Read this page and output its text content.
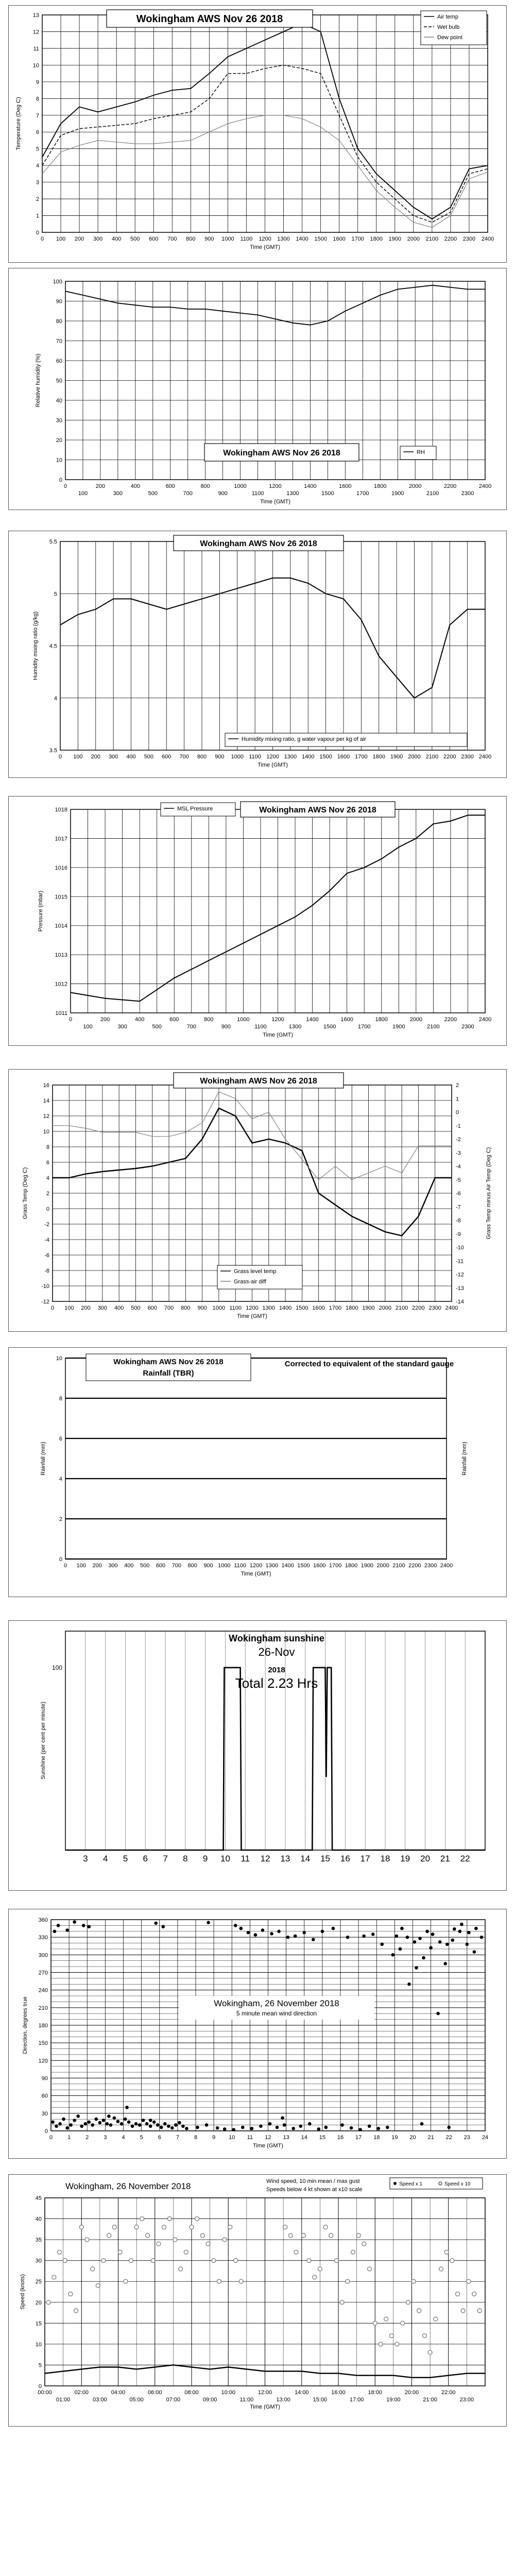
0
1
2
3
4
5
6
7
8
9
10
11
12
13
0 100 200 300 400 500 600 700 800 900 1000 1100 1200 1300 1400 1500 1600 1700 1800 1900 2000 2100 2200 2300 2400
Wokingham AWS Nov 26 2018	Air temp
Wet bulb
Dew point
Temperature (Deg C)
Time (GMT)
0
10
20
30
40
50
60
70
80
90
100
0
100
200
300
400
500
600
700
800
900
1000
1100
1200
1300
1400
1500
1600
1700
1800
1900
2000
2100
2200
2300
2400
Wokingham AWS Nov 26 2018	RH
Relative humidity (%)
Time (GMT)
3.5
4
4.5
5
5.5
0 100 200 300 400 500 600 700 800 900 1000 1100 1200 1300 1400 1500 1600 1700 1800 1900 2000 2100 2200 2300 2400
Wokingham AWS Nov 26 2018
Humidity mixing ratio, g water vapour per kg of air
Humidity mixing ratio (g/kg)
Time (GMT)
1011
1012
1013
1014
1015
1016
1017
1018
0
100
200
300
400
500
600
700
800
900
1000
1100
1200
1300
1400
1500
1600
1700
1800
1900
2000
2100
2200
2300
2400
MSL Pressure	Wokingham AWS Nov 26 2018
Pressure (mbar)
Time (GMT)
-12
-10
-8
-6
-4
-2
0
2
4
6
8
10
12
14
16
-14
-13
-12
-11
-10
-9
-8
-7
-6
-5
-4
-3
-2
-1
0
1
2
0 100 200 300 400 500 600 700 800 900 1000 1100 1200 1300 1400 1500 1600 1700 1800 1900 2000 2100 2200 2300 2400
Wokingham AWS Nov 26 2018
Grass level temp
Grass-air diff
Grass Temp (Deg C)	Grass Temp minus Air Temp (Deg C)
Time (GMT)
0
2
4
6
8
10
0 100 200 300 400 500 600 700 800 900 1000 1100 1200 1300 1400 1500 1600 1700 1800 1900 2000 2100 2200 2300 2400
Wokingham AWS Nov 26 2018
Rainfall (TBR)
Corrected to equivalent of the standard gauge
Rainfall (mm)	Rainfall (mm)
Time (GMT)
3 4 5 6 7 8 9 10 11 12 13 14 15 16 17 18 19 20 21 22
100
Wokingham sunshine
26-Nov
2018
Total 2.23 Hrs
Sunshine (per cent per minute)
0
30
60
90
120
150
180
210
240
270
300
330
360
0	1	2	3	4	5	6	7	8	9 10 11 12 13 14 15 16 17 18 19 20 21 22 23 24
Wokingham, 26 November 2018
5 minute mean wind direction
Direction, degrees true
Time (GMT)
0
5
10
15
20
25
30
35
40
45
00:00	02:00	04:00	06:00	08:00	10:00	12:00	14:00	16:00	18:00	20:00	22:00
01:00	03:00	05:00	07:00	09:00	11:00	13:00	15:00	17:00	19:00	21:00	23:00
Wokingham, 26 November 2018	Wind speed, 10 min mean / max gust
Speeds below 4 kt shown at x10 scale
Speed x 1	Speed x 10
Speed (knots)
Time (GMT)
